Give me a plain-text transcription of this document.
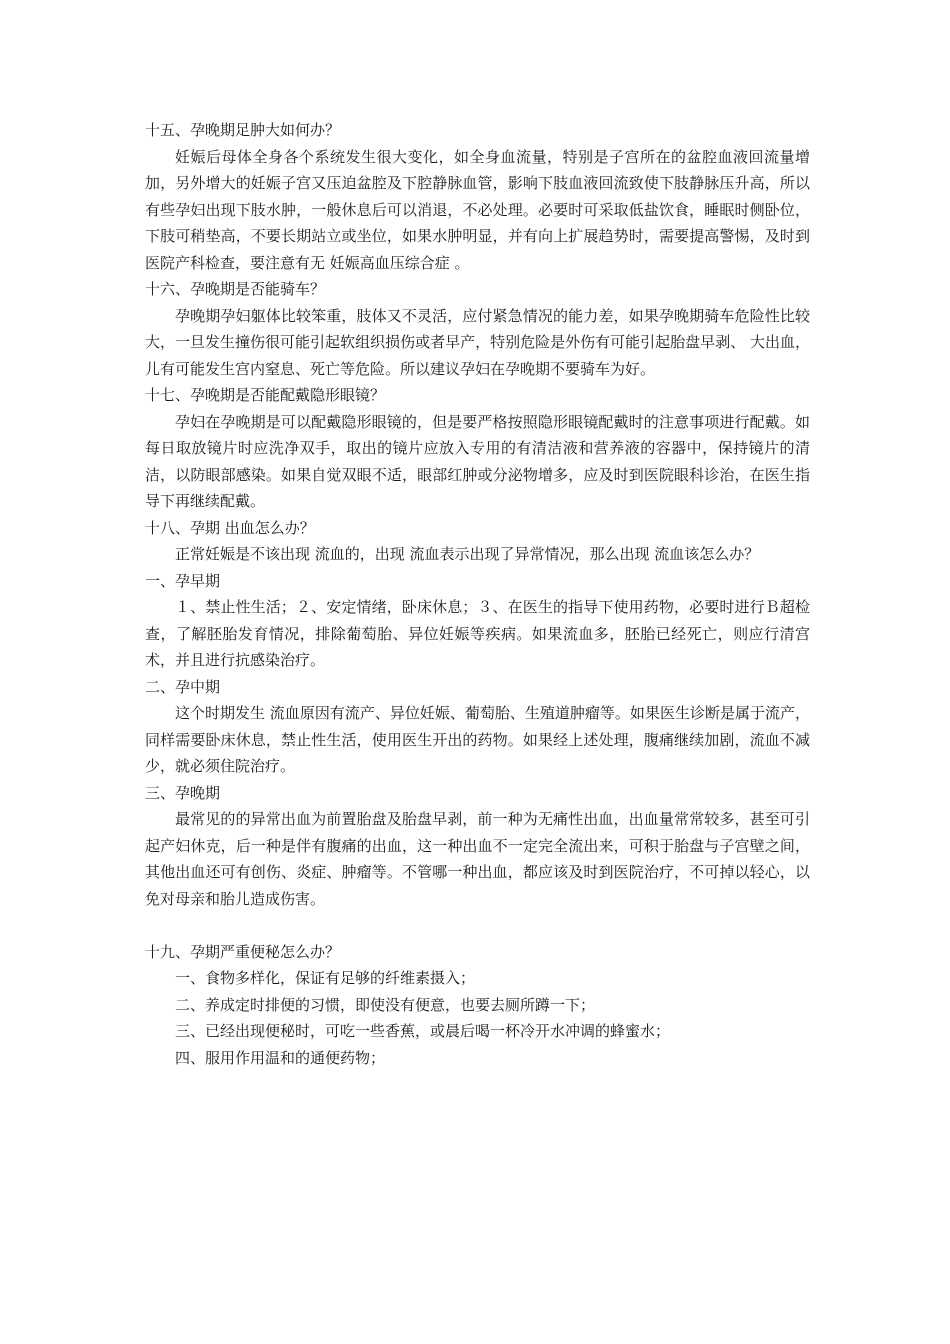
十五、孕晚期足肿大如何办？

妊娠后母体全身各个系统发生很大变化，如全身血流量，特别是子宫所在的盆腔血液回流量增加，另外增大的妊娠子宫又压迫盆腔及下腔静脉血管，影响下肢血液回流致使下肢静脉压升高，所以有些孕妇出现下肢水肿，一般休息后可以消退，不必处理。必要时可采取低盐饮食，睡眠时侧卧位，下肢可稍垫高，不要长期站立或坐位，如果水肿明显，并有向上扩展趋势时，需要提高警惕，及时到医院产科检查，要注意有无 妊娠高血压综合症 。

十六、孕晚期是否能骑车？

孕晚期孕妇躯体比较笨重，肢体又不灵活，应付紧急情况的能力差，如果孕晚期骑车危险性比较大，一旦发生撞伤很可能引起软组织损伤或者早产，特别危险是外伤有可能引起胎盘早剥、 大出血，儿有可能发生宫内窒息、死亡等危险。所以建议孕妇在孕晚期不要骑车为好。

十七、孕晚期是否能配戴隐形眼镜？

孕妇在孕晚期是可以配戴隐形眼镜的，但是要严格按照隐形眼镜配戴时的注意事项进行配戴。如每日取放镜片时应洗净双手，取出的镜片应放入专用的有清洁液和营养液的容器中，保持镜片的清洁，以防眼部感染。如果自觉双眼不适，眼部红肿或分泌物增多，应及时到医院眼科诊治，在医生指导下再继续配戴。

十八、孕期 出血怎么办？

正常妊娠是不该出现 流血的，出现 流血表示出现了异常情况，那么出现 流血该怎么办？

一、孕早期

１、禁止性生活；２、安定情绪，卧床休息；３、在医生的指导下使用药物，必要时进行Ｂ超检查，了解胚胎发育情况，排除葡萄胎、异位妊娠等疾病。如果流血多，胚胎已经死亡，则应行清宫术，并且进行抗感染治疗。

二、孕中期

这个时期发生 流血原因有流产、异位妊娠、葡萄胎、生殖道肿瘤等。如果医生诊断是属于流产，同样需要卧床休息，禁止性生活，使用医生开出的药物。如果经上述处理，腹痛继续加剧，流血不减少，就必须住院治疗。

三、孕晚期

最常见的的异常出血为前置胎盘及胎盘早剥，前一种为无痛性出血，出血量常常较多，甚至可引起产妇休克，后一种是伴有腹痛的出血，这一种出血不一定完全流出来，可积于胎盘与子宫壁之间，其他出血还可有创伤、炎症、肿瘤等。不管哪一种出血，都应该及时到医院治疗，不可掉以轻心，以免对母亲和胎儿造成伤害。

十九、孕期严重便秘怎么办？

一、食物多样化，保证有足够的纤维素摄入；

二、养成定时排便的习惯，即使没有便意，也要去厕所蹲一下；

三、已经出现便秘时，可吃一些香蕉，或晨后喝一杯冷开水冲调的蜂蜜水；

四、服用作用温和的通便药物；
